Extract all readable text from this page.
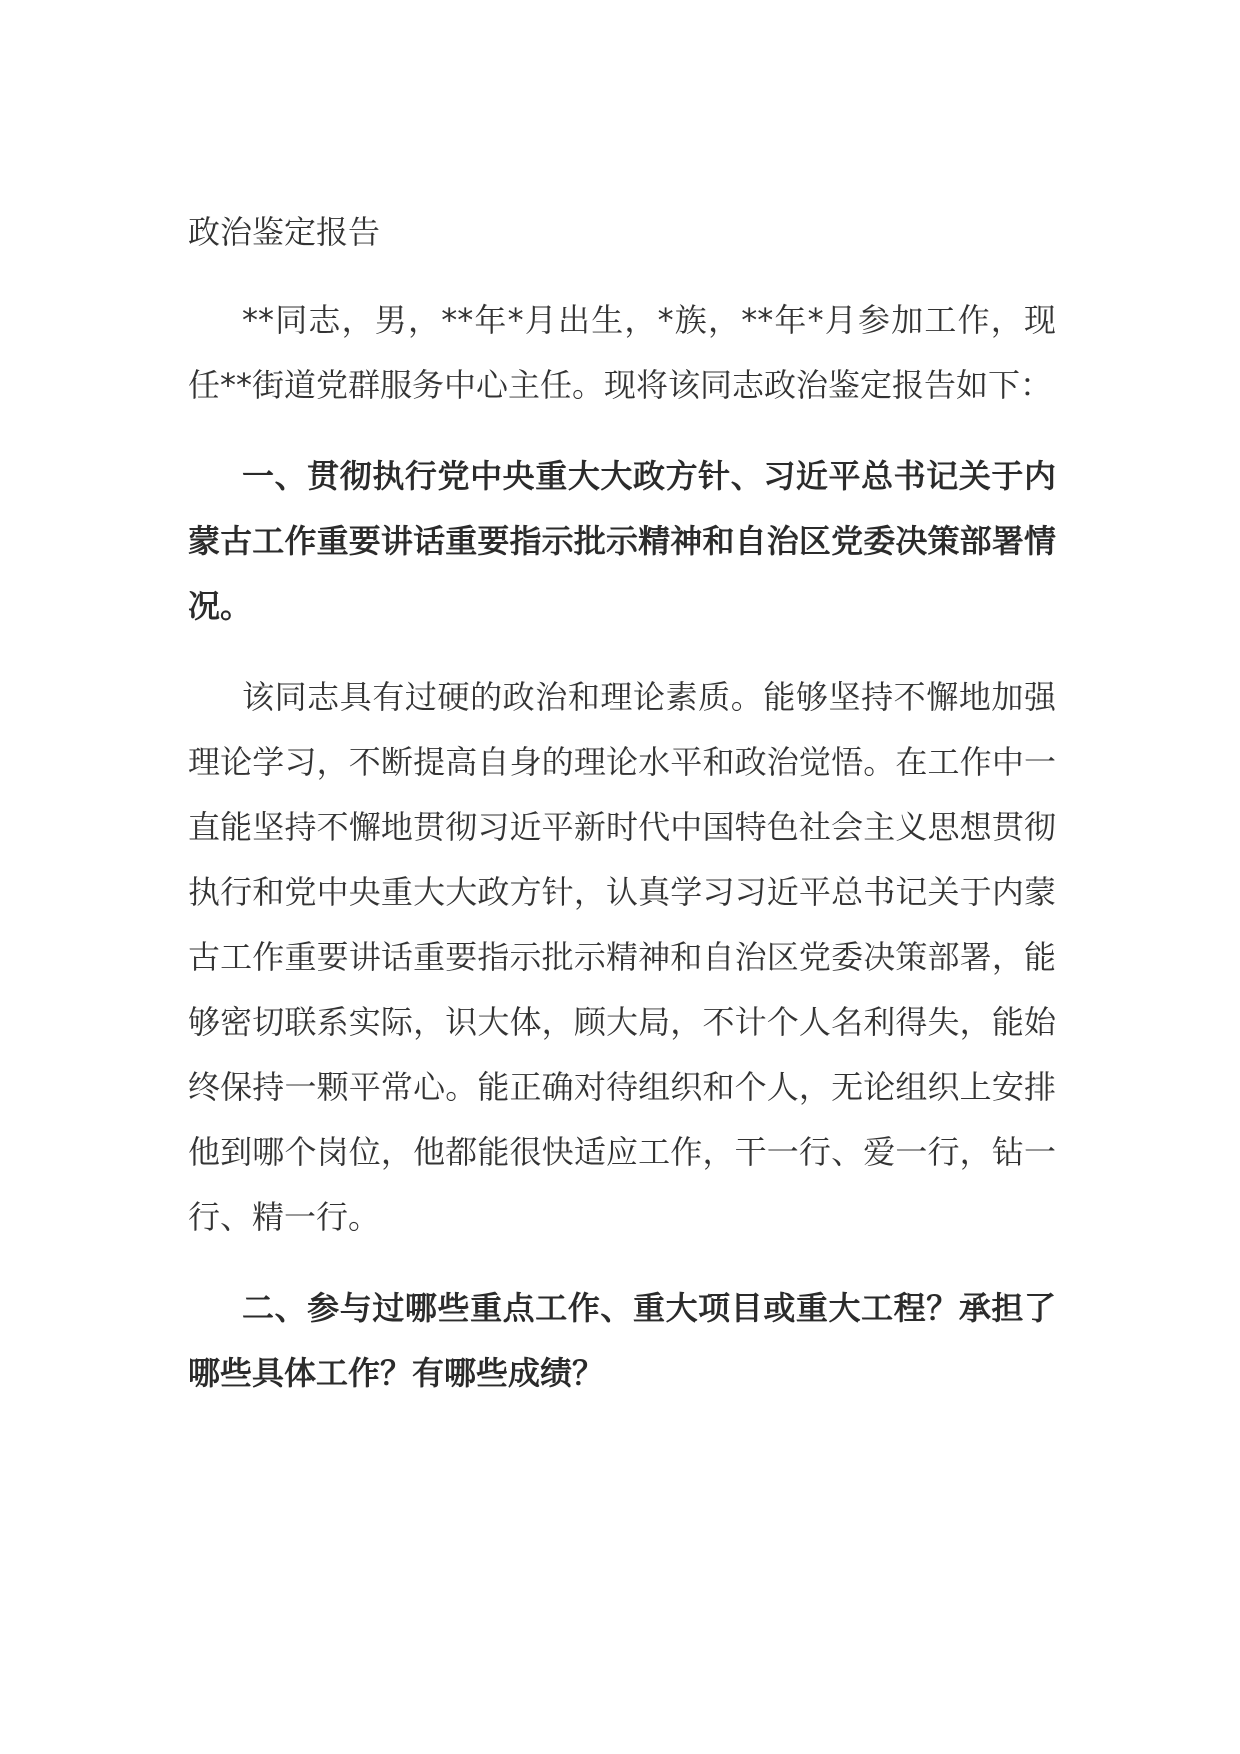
政治鉴定报告

**同志，男，**年*月出生，*族，**年*月参加工作，现任**街道党群服务中心主任。现将该同志政治鉴定报告如下：

一、贯彻执行党中央重大大政方针、习近平总书记关于内蒙古工作重要讲话重要指示批示精神和自治区党委决策部署情况。

该同志具有过硬的政治和理论素质。能够坚持不懈地加强理论学习，不断提高自身的理论水平和政治觉悟。在工作中一直能坚持不懈地贯彻习近平新时代中国特色社会主义思想贯彻执行和党中央重大大政方针，认真学习习近平总书记关于内蒙古工作重要讲话重要指示批示精神和自治区党委决策部署，能够密切联系实际，识大体，顾大局，不计个人名利得失，能始终保持一颗平常心。能正确对待组织和个人，无论组织上安排他到哪个岗位，他都能很快适应工作，干一行、爱一行，钻一行、精一行。

二、参与过哪些重点工作、重大项目或重大工程？承担了哪些具体工作？有哪些成绩？
